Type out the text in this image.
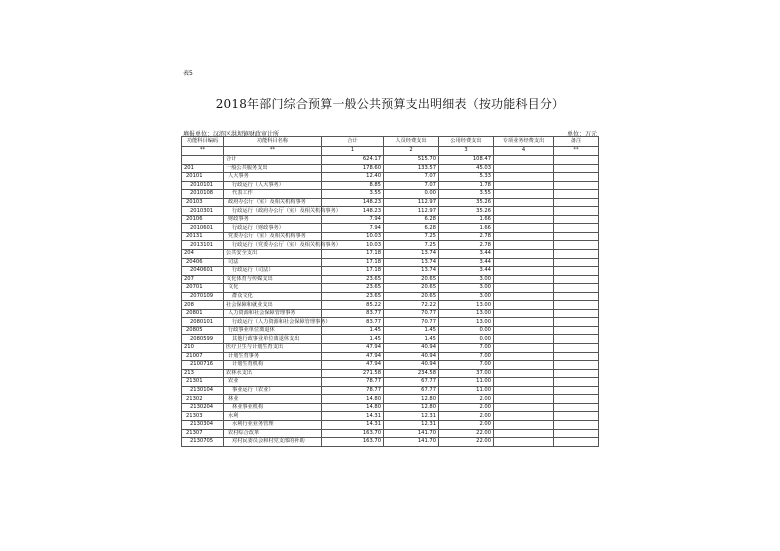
表5
2018年部门综合预算一般公共预算支出明细表（按功能科目分）
填报单位：汉滨区洪坝镇财政审计所	单位：万元
功能科目编码	功能科目名称	合计	人员经费支出	公用经费支出	专项业务经费支出	备注
**	**	1	2	3	4	**
	合计	624.17	515.70	108.47		
201	一般公共服务支出	178.60	133.57	45.03		
20101	人大事务	12.40	7.07	5.33		
2010101	行政运行（人大事务）	8.85	7.07	1.78		
2010108	代表工作	3.55	0.00	3.55		
20103	政府办公厅（室）及相关机构事务	148.23	112.97	35.26		
2010301	行政运行（政府办公厅（室）及相关机构事务）	148.23	112.97	35.26		
20106	财政事务	7.94	6.28	1.66		
2010601	行政运行（财政事务）	7.94	6.28	1.66		
20131	党委办公厅（室）及相关机构事务	10.03	7.25	2.78		
2013101	行政运行（党委办公厅（室）及相关机构事务）	10.03	7.25	2.78		
204	公共安全支出	17.18	13.74	3.44		
20406	司法	17.18	13.74	3.44		
2040601	行政运行（司法）	17.18	13.74	3.44		
207	文化体育与传媒支出	23.65	20.65	3.00		
20701	文化	23.65	20.65	3.00		
2070109	群众文化	23.65	20.65	3.00		
208	社会保障和就业支出	85.22	72.22	13.00		
20801	人力资源和社会保障管理事务	83.77	70.77	13.00		
2080101	行政运行（人力资源和社会保障管理事务）	83.77	70.77	13.00		
20805	行政事业单位离退休	1.45	1.45	0.00		
2080599	其他行政事业单位离退休支出	1.45	1.45	0.00		
210	医疗卫生与计划生育支出	47.94	40.94	7.00		
21007	计划生育事务	47.94	40.94	7.00		
2100716	计划生育机构	47.94	40.94	7.00		
213	农林水支出	271.58	234.58	37.00		
21301	农业	78.77	67.77	11.00		
2130104	事业运行（农业）	78.77	67.77	11.00		
21302	林业	14.80	12.80	2.00		
2130204	林业事业机构	14.80	12.80	2.00		
21303	水利	14.31	12.31	2.00		
2130304	水利行业业务管理	14.31	12.31	2.00		
21307	农村综合改革	163.70	141.70	22.00		
2130705	对村民委员会和村党支部的补助	163.70	141.70	22.00		
